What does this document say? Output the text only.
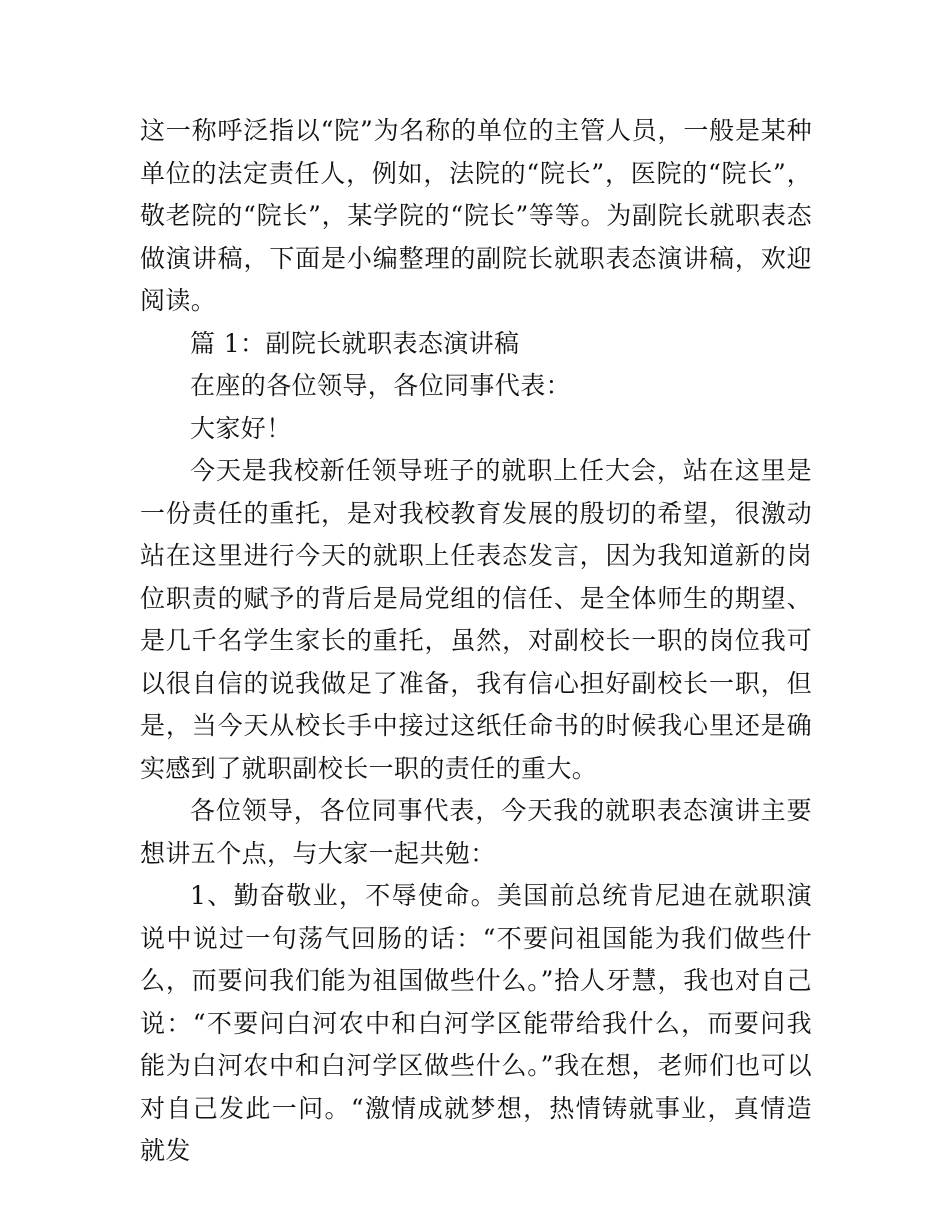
这一称呼泛指以“院”为名称的单位的主管人员，一般是某种单位的法定责任人，例如，法院的“院长”，医院的“院长”，敬老院的“院长”，某学院的“院长”等等。为副院长就职表态做演讲稿，下面是小编整理的副院长就职表态演讲稿，欢迎阅读。

篇 1：副院长就职表态演讲稿

在座的各位领导，各位同事代表：

大家好！

今天是我校新任领导班子的就职上任大会，站在这里是一份责任的重托，是对我校教育发展的殷切的希望，很激动站在这里进行今天的就职上任表态发言，因为我知道新的岗位职责的赋予的背后是局党组的信任、是全体师生的期望、是几千名学生家长的重托，虽然，对副校长一职的岗位我可以很自信的说我做足了准备，我有信心担好副校长一职，但是，当今天从校长手中接过这纸任命书的时候我心里还是确实感到了就职副校长一职的责任的重大。

各位领导，各位同事代表，今天我的就职表态演讲主要想讲五个点，与大家一起共勉：

1、勤奋敬业，不辱使命。美国前总统肯尼迪在就职演说中说过一句荡气回肠的话：“不要问祖国能为我们做些什么，而要问我们能为祖国做些什么。”拾人牙慧，我也对自己说：“不要问白河农中和白河学区能带给我什么，而要问我能为白河农中和白河学区做些什么。”我在想，老师们也可以对自己发此一问。“激情成就梦想，热情铸就事业，真情造就发
